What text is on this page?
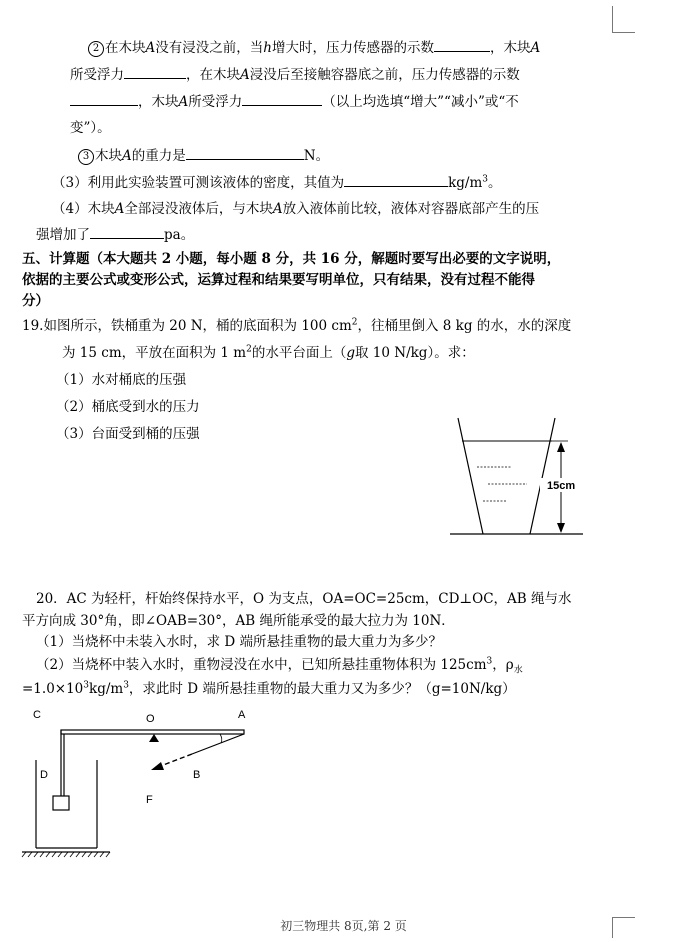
2 在木块A没有浸没之前，当h增大时，压力传感器的示数	，木块A
所受浮力	，在木块A浸没后至接触容器底之前，压力传感器的示数
，木块A所受浮力	（以上均选填“增大”“减小”或“不
变”）。
3 木块A的重力是	N。
（3）利用此实验装置可测该液体的密度，其值为	$kg/m^3$。
（4）木块A全部浸没液体后，与木块A放入液体前比较，液体对容器底部产生的压
强增加了	pa。
五、计算题（本大题共 2 小题，每小题 8 分，共 16 分，解题时要写出必要的文字说明，
依据的主要公式或变形公式，运算过程和结果要写明单位，只有结果，没有过程不能得
分）
19.如图所示，铁桶重为 20 N，桶的底面积为 100 $cm^2$，往桶里倒入 8 kg 的水，水的深度
为 15 cm，平放在面积为 1 $m^2$的水平台面上（g取 10 N/kg）。求：
（1）水对桶底的压强
（2）桶底受到水的压力
（3）台面受到桶的压强
15cm
20．AC 为轻杆，杆始终保持水平，O 为支点，OA=OC=25cm，CD⊥OC，AB 绳与水
平方向成 30°角，即∠OAB=30°，AB 绳所能承受的最大拉力为 10N．
（1）当烧杯中未装入水时，求 D 端所悬挂重物的最大重力为多少？
（2）当烧杯中装入水时，重物浸没在水中，已知所悬挂重物体积为 $125cm^3$，$\rho_水$
$=1.0\times 10^3kg/m^3$，求此时 D 端所悬挂重物的最大重力又为多少？（g=10N/kg）
C	O	A
D	B
F
初三物理共 8页,第 2 页
